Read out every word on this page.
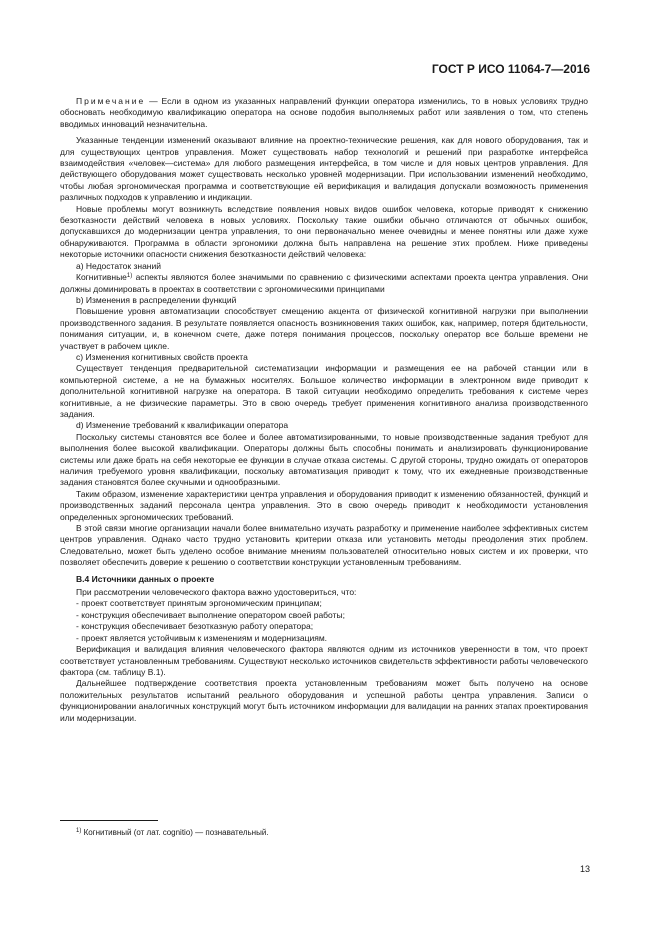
ГОСТ Р ИСО 11064-7—2016

Примечание — Если в одном из указанных направлений функции оператора изменились, то в новых условиях трудно обосновать необходимую квалификацию оператора на основе подобия выполняемых работ или заявления о том, что степень вводимых инноваций незначительна.

Указанные тенденции изменений оказывают влияние на проектно-технические решения, как для нового оборудования, так и для существующих центров управления. Может существовать набор технологий и решений при разработке интерфейса взаимодействия «человек—система» для любого размещения интерфейса, в том числе и для новых центров управления. Для действующего оборудования может существовать несколько уровней модернизации. При использовании изменений необходимо, чтобы любая эргономическая программа и соответствующие ей верификация и валидация допускали возможность применения различных подходов к управлению и индикации.

Новые проблемы могут возникнуть вследствие появления новых видов ошибок человека, которые приводят к снижению безотказности действий человека в новых условиях. Поскольку такие ошибки обычно отличаются от обычных ошибок, допускавшихся до модернизации центра управления, то они первоначально менее очевидны и менее понятны или даже хуже обнаруживаются. Программа в области эргономики должна быть направлена на решение этих проблем. Ниже приведены некоторые источники опасности снижения безотказности действий человека:

a) Недостаток знаний

Когнитивные$^{1)}$ аспекты являются более значимыми по сравнению с физическими аспектами проекта центра управления. Они должны доминировать в проектах в соответствии с эргономическими принципами

b) Изменения в распределении функций

Повышение уровня автоматизации способствует смещению акцента от физической когнитивной нагрузки при выполнении производственного задания. В результате появляется опасность возникновения таких ошибок, как, например, потеря бдительности, понимания ситуации, и, в конечном счете, даже потеря понимания процессов, поскольку оператор все больше времени не участвует в рабочем цикле.

c) Изменения когнитивных свойств проекта

Существует тенденция предварительной систематизации информации и размещения ее на рабочей станции или в компьютерной системе, а не на бумажных носителях. Большое количество информации в электронном виде приводит к дополнительной когнитивной нагрузке на оператора. В такой ситуации необходимо определить требования к системе через когнитивные, а не физические параметры. Это в свою очередь требует применения когнитивного анализа производственного задания.

d) Изменение требований к квалификации оператора

Поскольку системы становятся все более и более автоматизированными, то новые производственные задания требуют для выполнения более высокой квалификации. Операторы должны быть способны понимать и анализировать функционирование системы или даже брать на себя некоторые ее функции в случае отказа системы. С другой стороны, трудно ожидать от операторов наличия требуемого уровня квалификации, поскольку автоматизация приводит к тому, что их ежедневные производственные задания становятся более скучными и однообразными.

Таким образом, изменение характеристики центра управления и оборудования приводит к изменению обязанностей, функций и производственных заданий персонала центра управления. Это в свою очередь приводит к необходимости установления определенных эргономических требований.

В этой связи многие организации начали более внимательно изучать разработку и применение наиболее эффективных систем центров управления. Однако часто трудно установить критерии отказа или установить методы преодоления этих проблем. Следовательно, может быть уделено особое внимание мнениям пользователей относительно новых систем и их проверки, что позволяет обеспечить доверие к решению о соответствии конструкции установленным требованиям.

В.4 Источники данных о проекте

При рассмотрении человеческого фактора важно удостовериться, что:

- проект соответствует принятым эргономическим принципам;

- конструкция обеспечивает выполнение оператором своей работы;

- конструкция обеспечивает безотказную работу оператора;

- проект является устойчивым к изменениям и модернизациям.

Верификация и валидация влияния человеческого фактора являются одним из источников уверенности в том, что проект соответствует установленным требованиям. Существуют несколько источников свидетельств эффективности работы человеческого фактора (см. таблицу В.1).

Дальнейшее подтверждение соответствия проекта установленным требованиям может быть получено на основе положительных результатов испытаний реального оборудования и успешной работы центра управления. Записи о функционировании аналогичных конструкций могут быть источником информации для валидации на ранних этапах проектирования или модернизации.

$^{1)}$ Когнитивный (от лат. cognitio) — познавательный.
13
